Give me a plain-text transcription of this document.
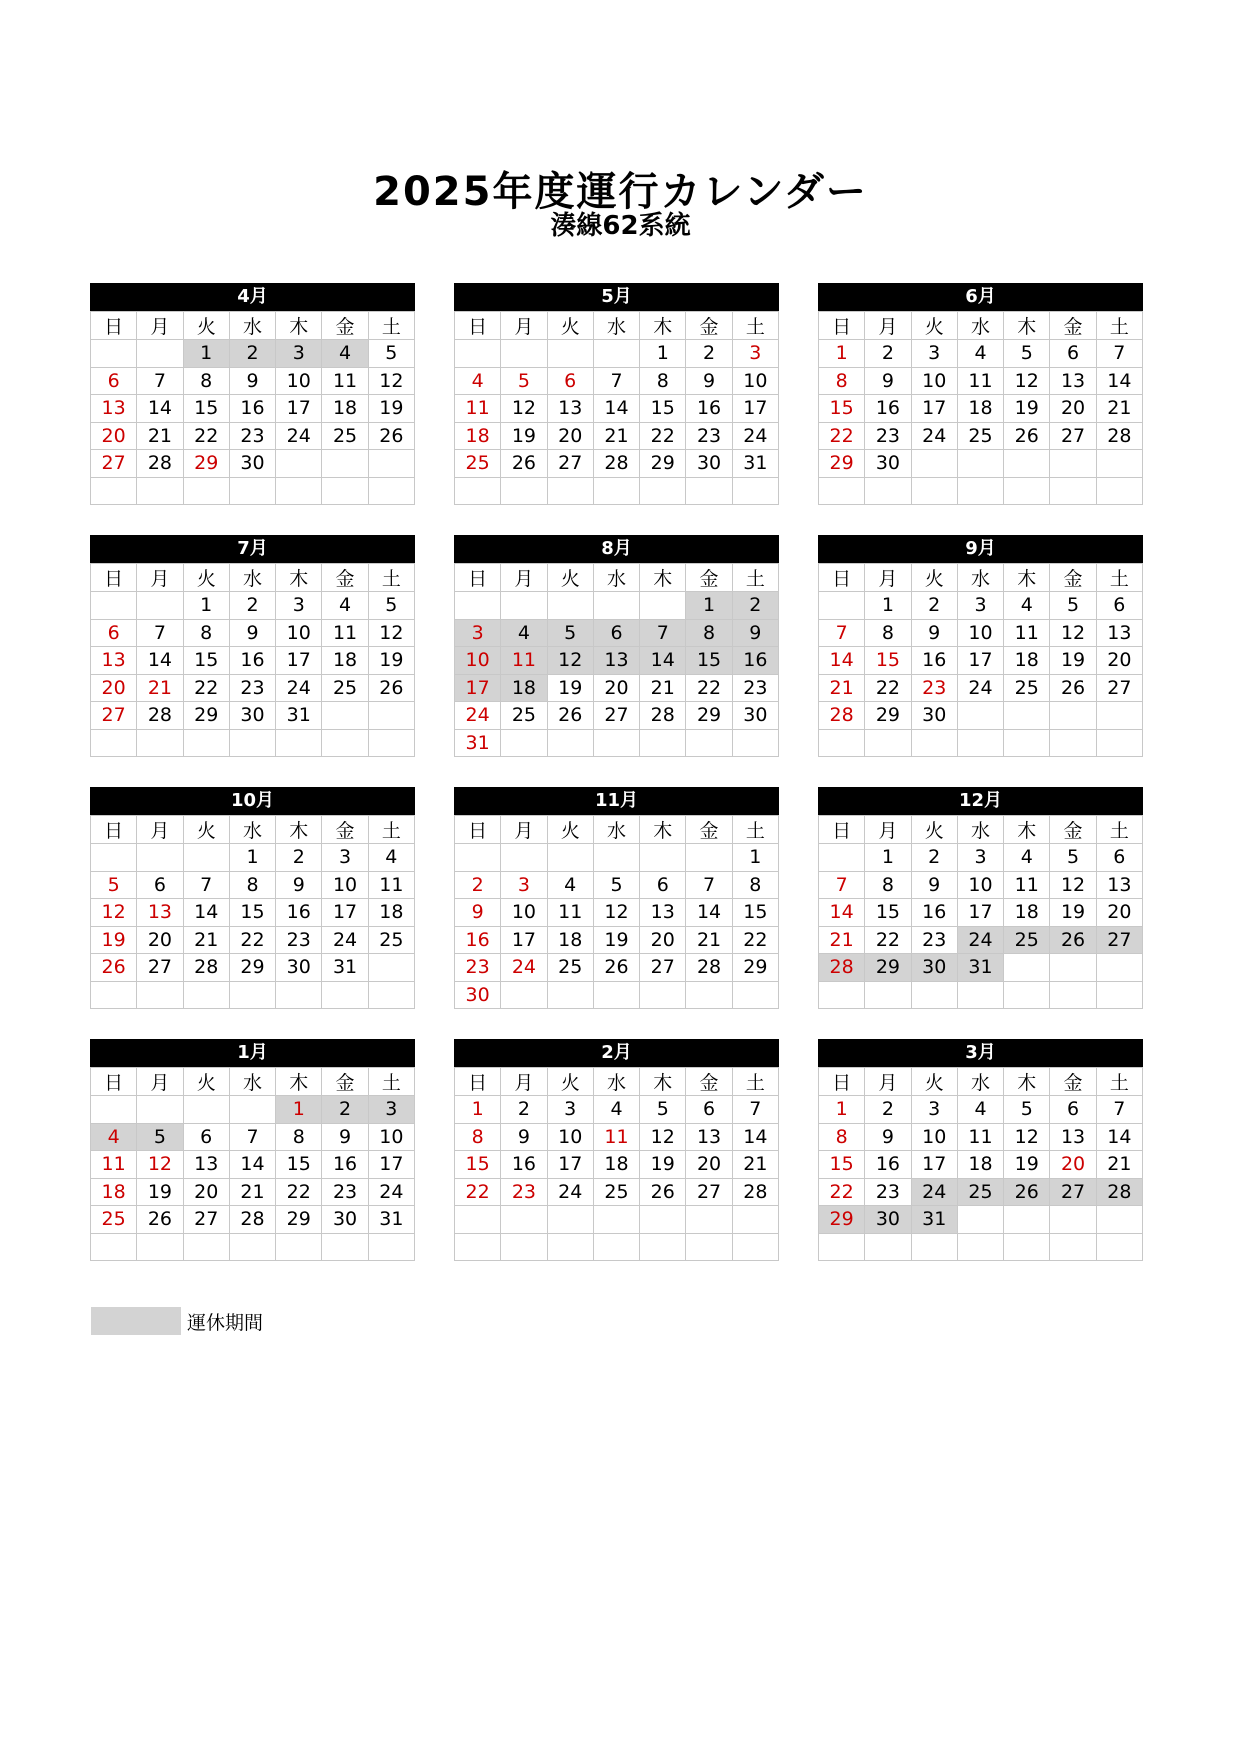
2025年度運行カレンダー
湊線62系統
4月
日	月	火	水	木	金	土
		1	2	3	4	5
6	7	8	9	10	11	12
13	14	15	16	17	18	19
20	21	22	23	24	25	26
27	28	29	30			

5月
日	月	火	水	木	金	土
				1	2	3
4	5	6	7	8	9	10
11	12	13	14	15	16	17
18	19	20	21	22	23	24
25	26	27	28	29	30	31

6月
日	月	火	水	木	金	土
1	2	3	4	5	6	7
8	9	10	11	12	13	14
15	16	17	18	19	20	21
22	23	24	25	26	27	28
29	30					

7月
日	月	火	水	木	金	土
		1	2	3	4	5
6	7	8	9	10	11	12
13	14	15	16	17	18	19
20	21	22	23	24	25	26
27	28	29	30	31		

8月
日	月	火	水	木	金	土
					1	2
3	4	5	6	7	8	9
10	11	12	13	14	15	16
17	18	19	20	21	22	23
24	25	26	27	28	29	30
31						
9月
日	月	火	水	木	金	土
	1	2	3	4	5	6
7	8	9	10	11	12	13
14	15	16	17	18	19	20
21	22	23	24	25	26	27
28	29	30				

10月
日	月	火	水	木	金	土
			1	2	3	4
5	6	7	8	9	10	11
12	13	14	15	16	17	18
19	20	21	22	23	24	25
26	27	28	29	30	31	

11月
日	月	火	水	木	金	土
						1
2	3	4	5	6	7	8
9	10	11	12	13	14	15
16	17	18	19	20	21	22
23	24	25	26	27	28	29
30						
12月
日	月	火	水	木	金	土
	1	2	3	4	5	6
7	8	9	10	11	12	13
14	15	16	17	18	19	20
21	22	23	24	25	26	27
28	29	30	31			

1月
日	月	火	水	木	金	土
				1	2	3
4	5	6	7	8	9	10
11	12	13	14	15	16	17
18	19	20	21	22	23	24
25	26	27	28	29	30	31

2月
日	月	火	水	木	金	土
1	2	3	4	5	6	7
8	9	10	11	12	13	14
15	16	17	18	19	20	21
22	23	24	25	26	27	28

3月
日	月	火	水	木	金	土
1	2	3	4	5	6	7
8	9	10	11	12	13	14
15	16	17	18	19	20	21
22	23	24	25	26	27	28
29	30	31				

運休期間
